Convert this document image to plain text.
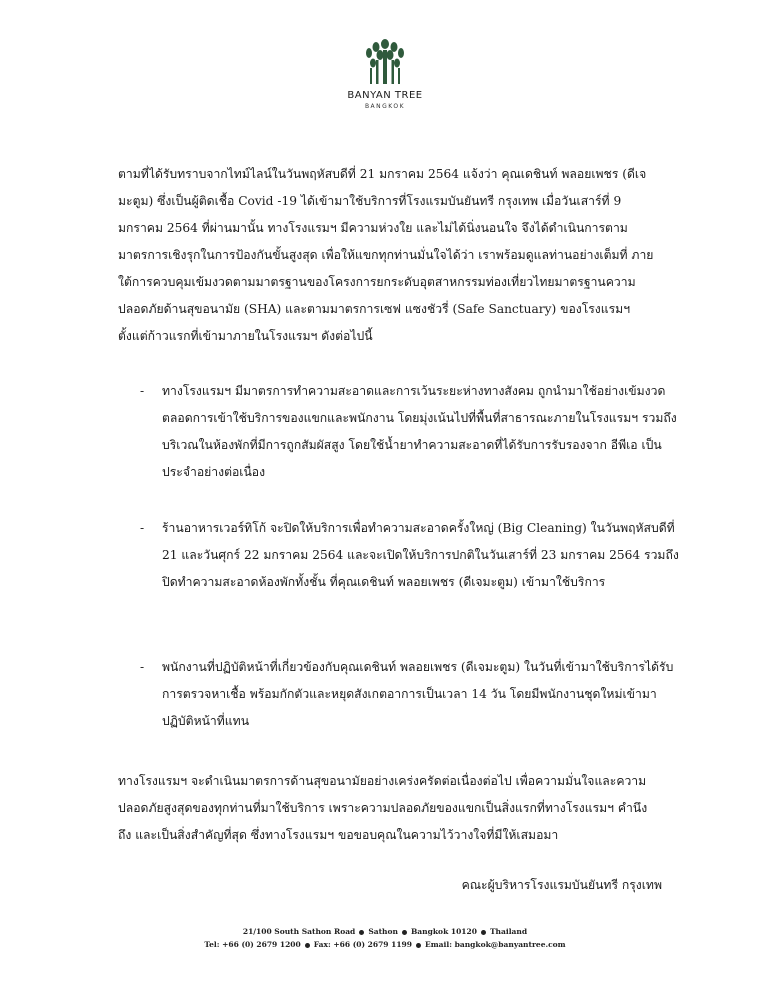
BANYAN TREE
BANGKOK
ตามที่ได้รับทราบจากไทม์ไลน์ในวันพฤหัสบดีที่ 21 มกราคม 2564 แจ้งว่า คุณเดชินท์ พลอยเพชร (ดีเจมะตูม) ซึ่งเป็นผู้ติดเชื้อ Covid -19 ได้เข้ามาใช้บริการที่โรงแรมบันยันทรี กรุงเทพ เมื่อวันเสาร์ที่ 9 มกราคม 2564 ที่ผ่านมานั้น ทางโรงแรมฯ มีความห่วงใย และไม่ได้นิ่งนอนใจ จึงได้ดำเนินการตามมาตรการเชิงรุกในการป้องกันขั้นสูงสุด เพื่อให้แขกทุกท่านมั่นใจได้ว่า เราพร้อมดูแลท่านอย่างเต็มที่ ภายใต้การควบคุมเข้มงวดตามมาตรฐานของโครงการยกระดับอุตสาหกรรมท่องเที่ยวไทยมาตรฐานความปลอดภัยด้านสุขอนามัย (SHA) และตามมาตรการเซฟ แซงชัวรี่ (Safe Sanctuary) ของโรงแรมฯ ตั้งแต่ก้าวแรกที่เข้ามาภายในโรงแรมฯ ดังต่อไปนี้
- ทางโรงแรมฯ มีมาตรการทำความสะอาดและการเว้นระยะห่างทางสังคม ถูกนำมาใช้อย่างเข้มงวดตลอดการเข้าใช้บริการของแขกและพนักงาน โดยมุ่งเน้นไปที่พื้นที่สาธารณะภายในโรงแรมฯ รวมถึงบริเวณในห้องพักที่มีการถูกสัมผัสสูง โดยใช้น้ำยาทำความสะอาดที่ได้รับการรับรองจาก อีพีเอ เป็นประจำอย่างต่อเนื่อง
- ร้านอาหารเวอร์ทิโก้ จะปิดให้บริการเพื่อทำความสะอาดครั้งใหญ่ (Big Cleaning) ในวันพฤหัสบดีที่ 21 และวันศุกร์ 22 มกราคม 2564 และจะเปิดให้บริการปกติในวันเสาร์ที่ 23 มกราคม 2564 รวมถึงปิดทำความสะอาดห้องพักทั้งชั้น ที่คุณเดชินท์ พลอยเพชร (ดีเจมะตูม) เข้ามาใช้บริการ
- พนักงานที่ปฏิบัติหน้าที่เกี่ยวข้องกับคุณเดชินท์ พลอยเพชร (ดีเจมะตูม) ในวันที่เข้ามาใช้บริการได้รับการตรวจหาเชื้อ พร้อมกักตัวและหยุดสังเกตอาการเป็นเวลา 14 วัน โดยมีพนักงานชุดใหม่เข้ามาปฏิบัติหน้าที่แทน
ทางโรงแรมฯ จะดำเนินมาตรการด้านสุขอนามัยอย่างเคร่งครัดต่อเนื่องต่อไป เพื่อความมั่นใจและความปลอดภัยสูงสุดของทุกท่านที่มาใช้บริการ เพราะความปลอดภัยของแขกเป็นสิ่งแรกที่ทางโรงแรมฯ คำนึงถึง และเป็นสิ่งสำคัญที่สุด ซึ่งทางโรงแรมฯ ขอขอบคุณในความไว้วางใจที่มีให้เสมอมา
คณะผู้บริหารโรงแรมบันยันทรี กรุงเทพ
21/100 South Sathon Road Sathon Bangkok 10120 Thailand
Tel: +66 (0) 2679 1200 Fax: +66 (0) 2679 1199 Email: bangkok@banyantree.com
